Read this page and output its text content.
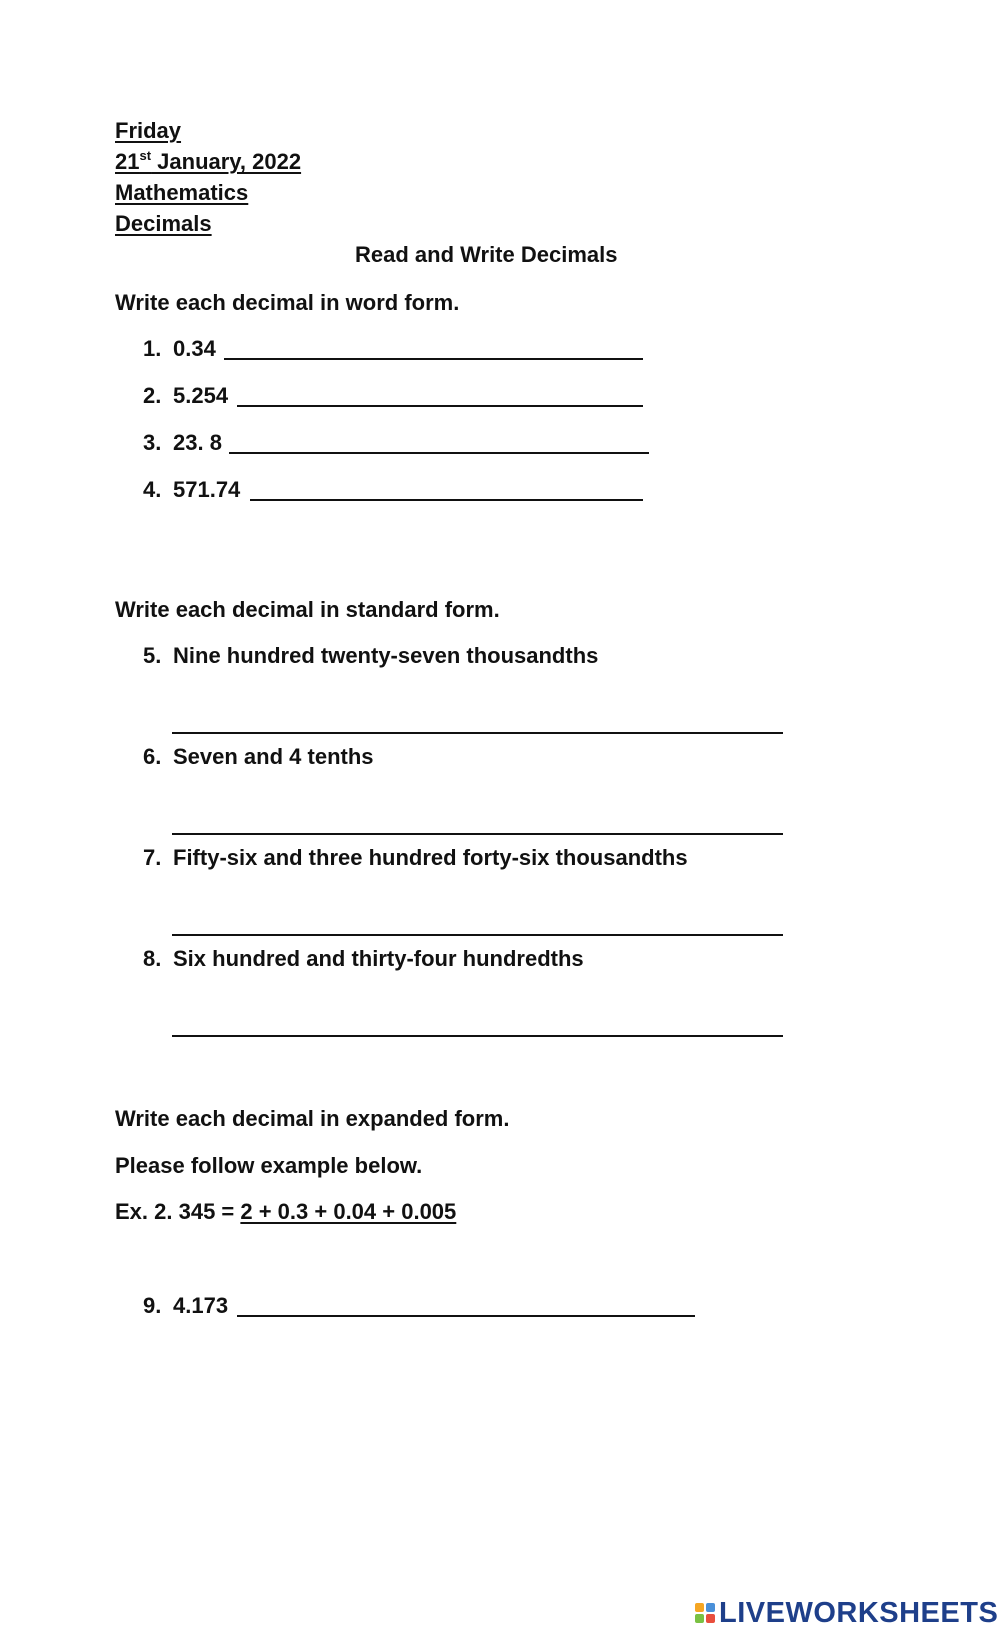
Friday
21st January, 2022
Mathematics
Decimals
Read and Write Decimals
Write each decimal in word form.
1. 0.34
2. 5.254
3. 23. 8
4. 571.74
Write each decimal in standard form.
5. Nine hundred twenty-seven thousandths
6. Seven and 4 tenths
7. Fifty-six and three hundred forty-six thousandths
8. Six hundred and thirty-four hundredths
Write each decimal in expanded form.
Please follow example below.
Ex. 2. 345 = 2 + 0.3 + 0.04 + 0.005
9. 4.173
LIVEWORKSHEETS
